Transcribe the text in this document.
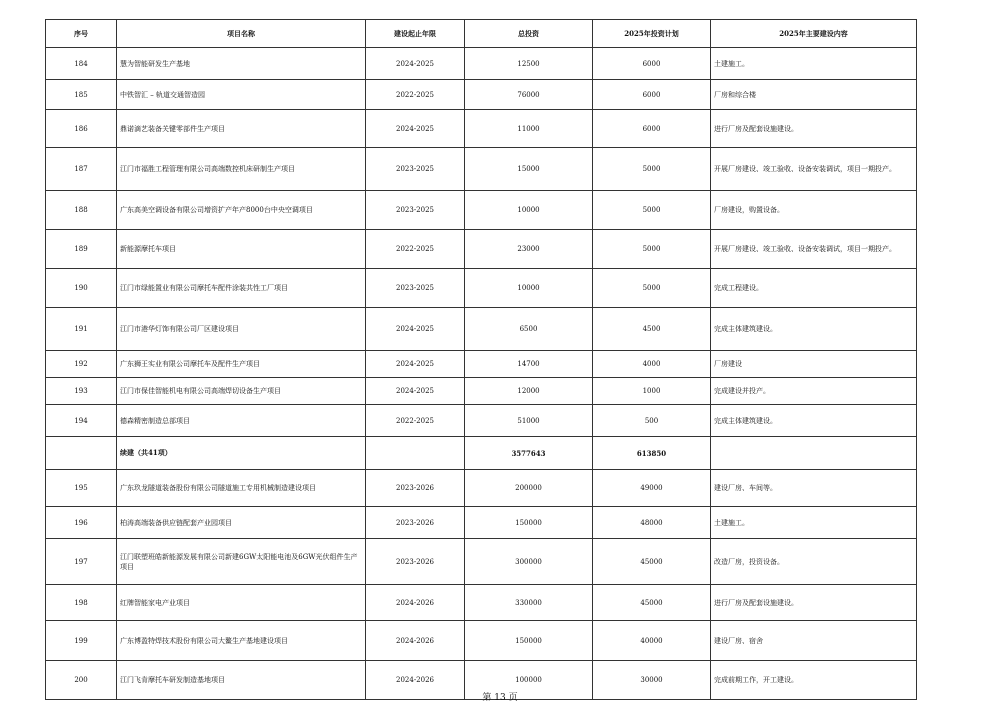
序号	项目名称	建设起止年限	总投资	2025年投资计划	2025年主要建设内容
184	慧为智能研发生产基地	2024-2025	12500	6000	土建施工。
185	中铁智汇 – 轨道交通智造园	2022-2025	76000	6000	厂房和综合楼
186	鼎诺滴艺装备关键零部件生产项目	2024-2025	11000	6000	进行厂房及配套设施建设。
187	江门市福胜工程管理有限公司高端数控机床研制生产项目	2023-2025	15000	5000	开展厂房建设、竣工验收、设备安装调试，项目一期投产。
188	广东高美空调设备有限公司增资扩产年产8000台中央空调项目	2023-2025	10000	5000	厂房建设，购置设备。
189	新能源摩托车项目	2022-2025	23000	5000	开展厂房建设、竣工验收、设备安装调试，项目一期投产。
190	江门市绿能置业有限公司摩托车配件涂装共性工厂项目	2023-2025	10000	5000	完成工程建设。
191	江门市港华灯饰有限公司厂区建设项目	2024-2025	6500	4500	完成主体建筑建设。
192	广东狮王实业有限公司摩托车及配件生产项目	2024-2025	14700	4000	厂房建设
193	江门市保佳智能机电有限公司高端焊切设备生产项目	2024-2025	12000	1000	完成建设并投产。
194	德森精密制造总部项目	2022-2025	51000	500	完成主体建筑建设。
	续建（共41项）		3577643	613850	
195	广东玖龙隧道装备股份有限公司隧道施工专用机械制造建设项目	2023-2026	200000	49000	建设厂房、车间等。
196	柏涛高端装备供应链配套产业园项目	2023-2026	150000	48000	土建施工。
197	江门联塑班皓新能源发展有限公司新建6GW太阳能电池及6GW光伏组件生产项目	2023-2026	300000	45000	改造厂房，投资设备。
198	红牌智能家电产业项目	2024-2026	330000	45000	进行厂房及配套设施建设。
199	广东博盈特焊技术股份有限公司大鳌生产基地建设项目	2024-2026	150000	40000	建设厂房、宿舍
200	江门飞肯摩托车研发制造基地项目	2024-2026	100000	30000	完成前期工作，开工建设。
第 13 页
